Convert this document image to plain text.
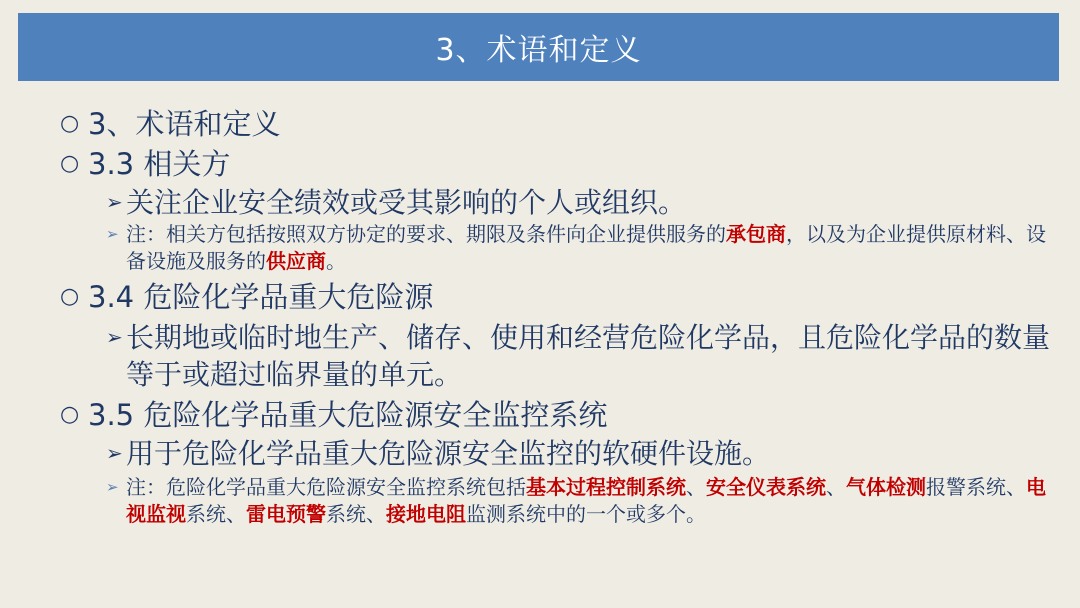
3、术语和定义
○ 3、术语和定义
○ 3.3 相关方
➢ 关注企业安全绩效或受其影响的个人或组织。
➢ 注：相关方包括按照双方协定的要求、期限及条件向企业提供服务的承包商，以及为企业提供原材料、设备设施及服务的供应商。
○ 3.4 危险化学品重大危险源
➢ 长期地或临时地生产、储存、使用和经营危险化学品，且危险化学品的数量等于或超过临界量的单元。
○ 3.5 危险化学品重大危险源安全监控系统
➢ 用于危险化学品重大危险源安全监控的软硬件设施。
➢ 注：危险化学品重大危险源安全监控系统包括基本过程控制系统、安全仪表系统、气体检测报警系统、电视监视系统、雷电预警系统、接地电阻监测系统中的一个或多个。
